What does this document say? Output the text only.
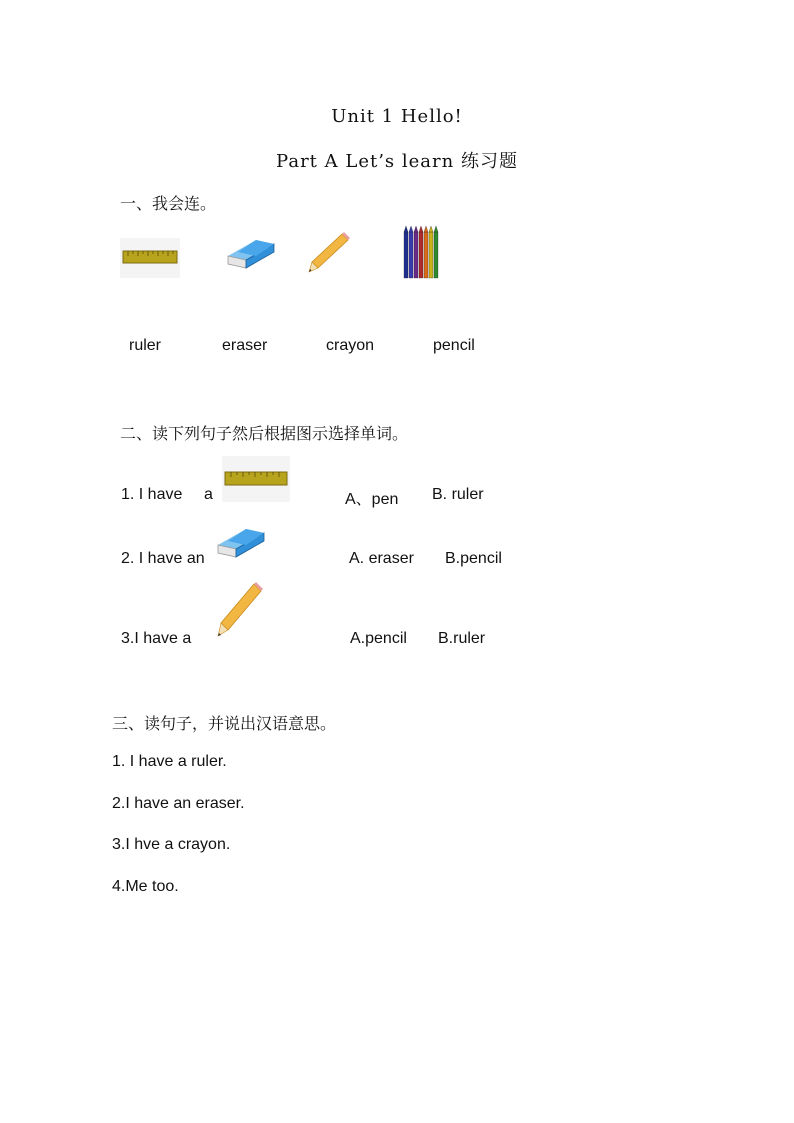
Unit 1 Hello!
Part A Let’s learn 练习题
一、我会连。
ruler	eraser	crayon	pencil
二、读下列句子然后根据图示选择单词。
1. I have a	A、pen B. ruler
2. I have an	A. eraser B.pencil
3.I have a	A.pencil B.ruler
三、读句子，并说出汉语意思。
1. I have a ruler.
2.I have an eraser.
3.I hve a crayon.
4.Me too.
